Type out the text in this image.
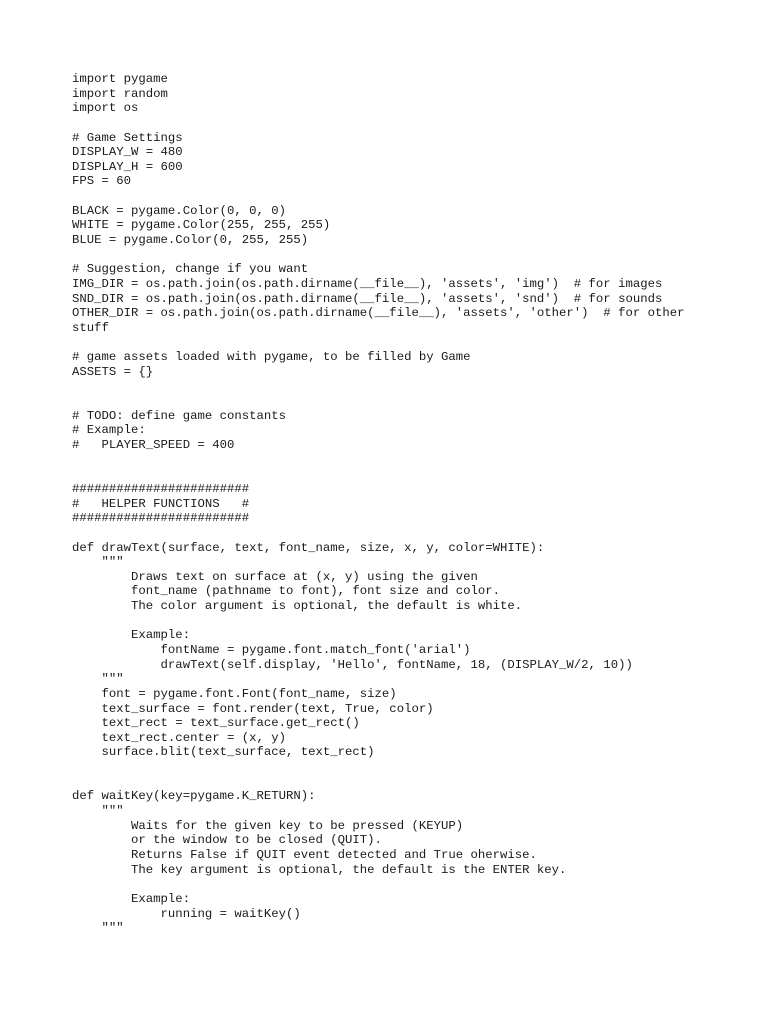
import pygame
import random
import os
# Game Settings
DISPLAY_W = 480
DISPLAY_H = 600
FPS = 60
BLACK = pygame.Color(0, 0, 0)
WHITE = pygame.Color(255, 255, 255)
BLUE = pygame.Color(0, 255, 255)
# Suggestion, change if you want
IMG_DIR = os.path.join(os.path.dirname(__file__), 'assets', 'img')  # for images
SND_DIR = os.path.join(os.path.dirname(__file__), 'assets', 'snd')  # for sounds
OTHER_DIR = os.path.join(os.path.dirname(__file__), 'assets', 'other')  # for other
stuff
# game assets loaded with pygame, to be filled by Game
ASSETS = {}
# TODO: define game constants
# Example:
#   PLAYER_SPEED = 400
########################
#   HELPER FUNCTIONS   #
########################
def drawText(surface, text, font_name, size, x, y, color=WHITE):
"""
Draws text on surface at (x, y) using the given
font_name (pathname to font), font size and color.
The color argument is optional, the default is white.
Example:
fontName = pygame.font.match_font('arial')
drawText(self.display, 'Hello', fontName, 18, (DISPLAY_W/2, 10))
"""
font = pygame.font.Font(font_name, size)
text_surface = font.render(text, True, color)
text_rect = text_surface.get_rect()
text_rect.center = (x, y)
surface.blit(text_surface, text_rect)
def waitKey(key=pygame.K_RETURN):
"""
Waits for the given key to be pressed (KEYUP)
or the window to be closed (QUIT).
Returns False if QUIT event detected and True oherwise.
The key argument is optional, the default is the ENTER key.
Example:
running = waitKey()
"""
